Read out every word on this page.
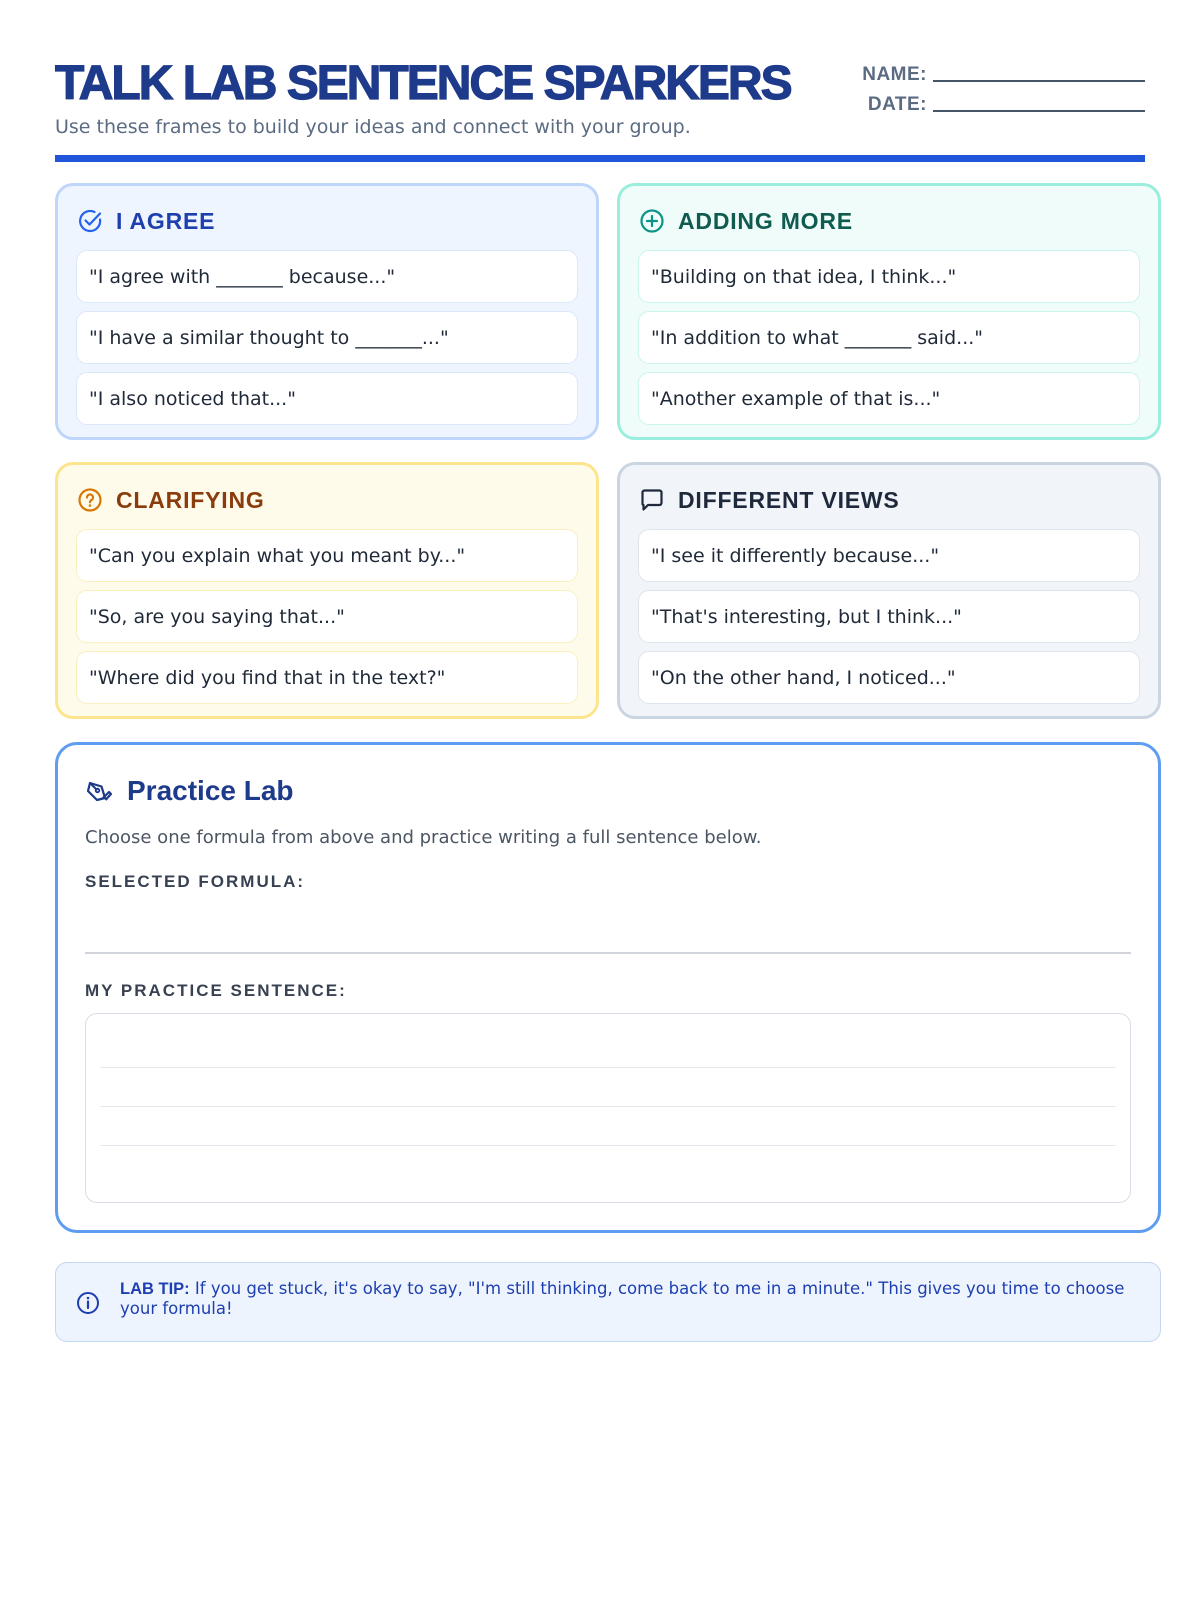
TALK LAB SENTENCE SPARKERS
Use these frames to build your ideas and connect with your group.
NAME:
DATE:
I AGREE
"I agree with _______ because..."
"I have a similar thought to _______..."
"I also noticed that..."
ADDING MORE
"Building on that idea, I think..."
"In addition to what _______ said..."
"Another example of that is..."
CLARIFYING
"Can you explain what you meant by..."
"So, are you saying that..."
"Where did you find that in the text?"
DIFFERENT VIEWS
"I see it differently because..."
"That's interesting, but I think..."
"On the other hand, I noticed..."
Practice Lab
Choose one formula from above and practice writing a full sentence below.
SELECTED FORMULA:
MY PRACTICE SENTENCE:
LAB TIP: If you get stuck, it's okay to say, "I'm still thinking, come back to me in a minute." This gives you time to choose your formula!
